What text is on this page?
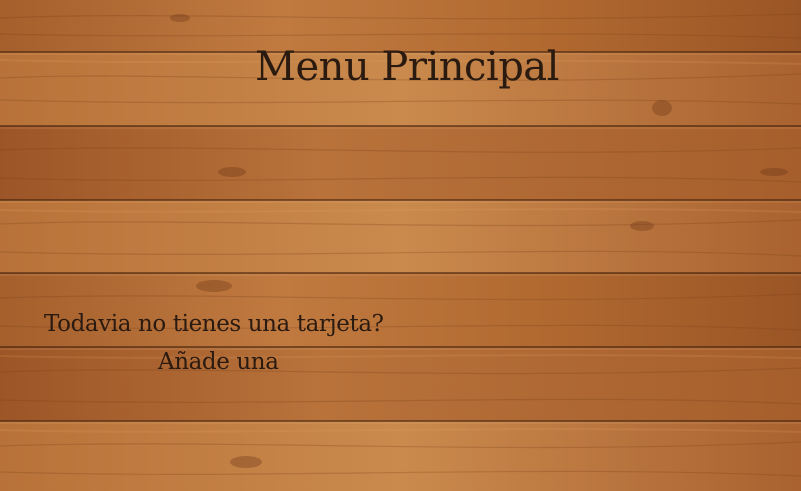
Menu Principal
Todavia no tienes una tarjeta?
Añade una
